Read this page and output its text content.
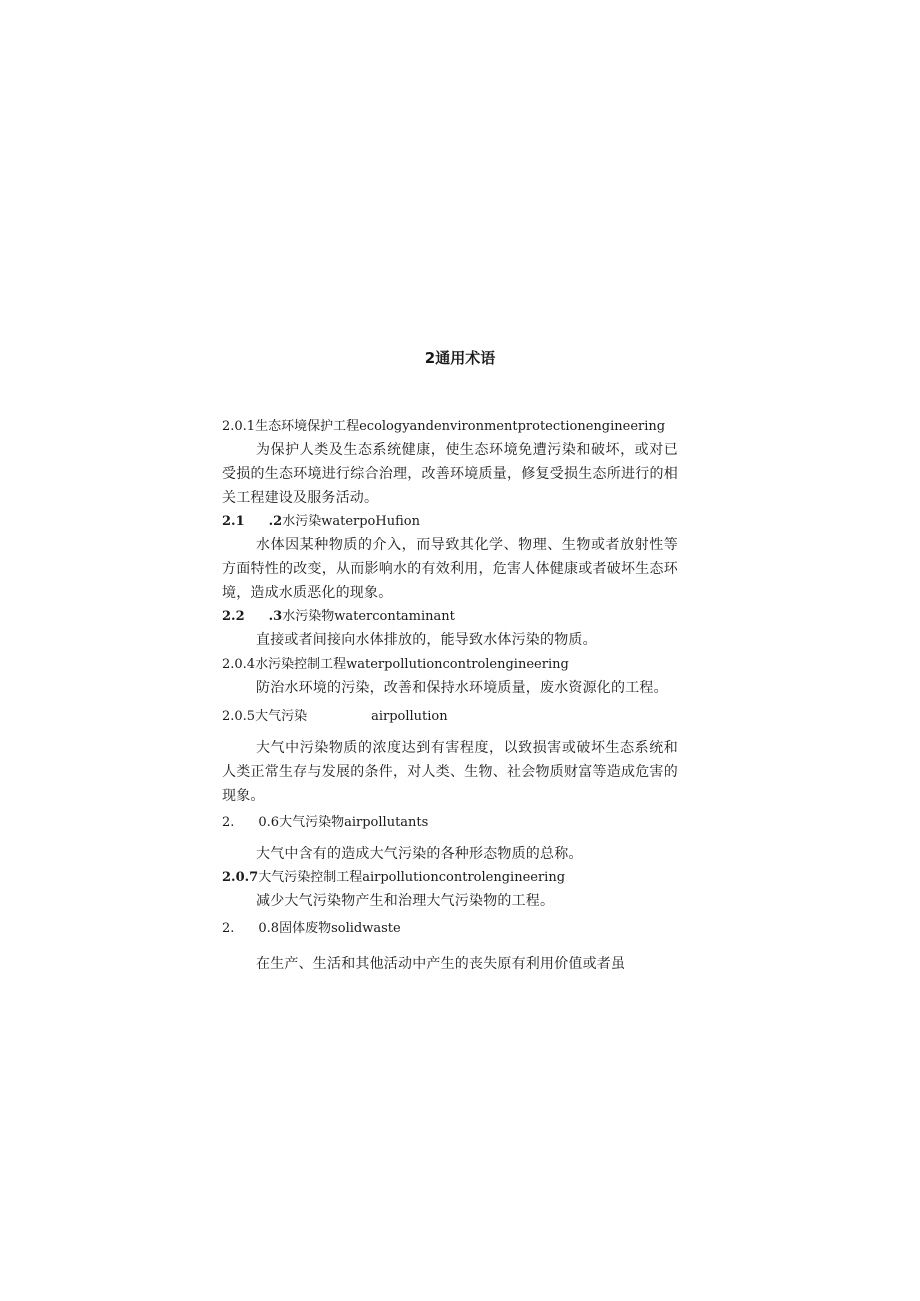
2通用术语
2.0.1生态环境保护工程ecologyandenvironmentprotectionengineering
为保护人类及生态系统健康，使生态环境免遭污染和破坏，或对已受损的生态环境进行综合治理，改善环境质量，修复受损生态所进行的相关工程建设及服务活动。
2.1 .2水污染waterpoHufion
水体因某种物质的介入，而导致其化学、物理、生物或者放射性等方面特性的改变，从而影响水的有效利用，危害人体健康或者破坏生态环境，造成水质恶化的现象。
2.2 .3水污染物watercontaminant
直接或者间接向水体排放的，能导致水体污染的物质。
2.0.4水污染控制工程waterpollutioncontrolengineering
防治水环境的污染，改善和保持水环境质量，废水资源化的工程。
2.0.5大气污染	airpollution
大气中污染物质的浓度达到有害程度，以致损害或破坏生态系统和人类正常生存与发展的条件，对人类、生物、社会物质财富等造成危害的现象。
2. 0.6大气污染物airpollutants
大气中含有的造成大气污染的各种形态物质的总称。
2.0.7大气污染控制工程airpollutioncontrolengineering
减少大气污染物产生和治理大气污染物的工程。
2. 0.8固体废物solidwaste
在生产、生活和其他活动中产生的丧失原有利用价值或者虽
